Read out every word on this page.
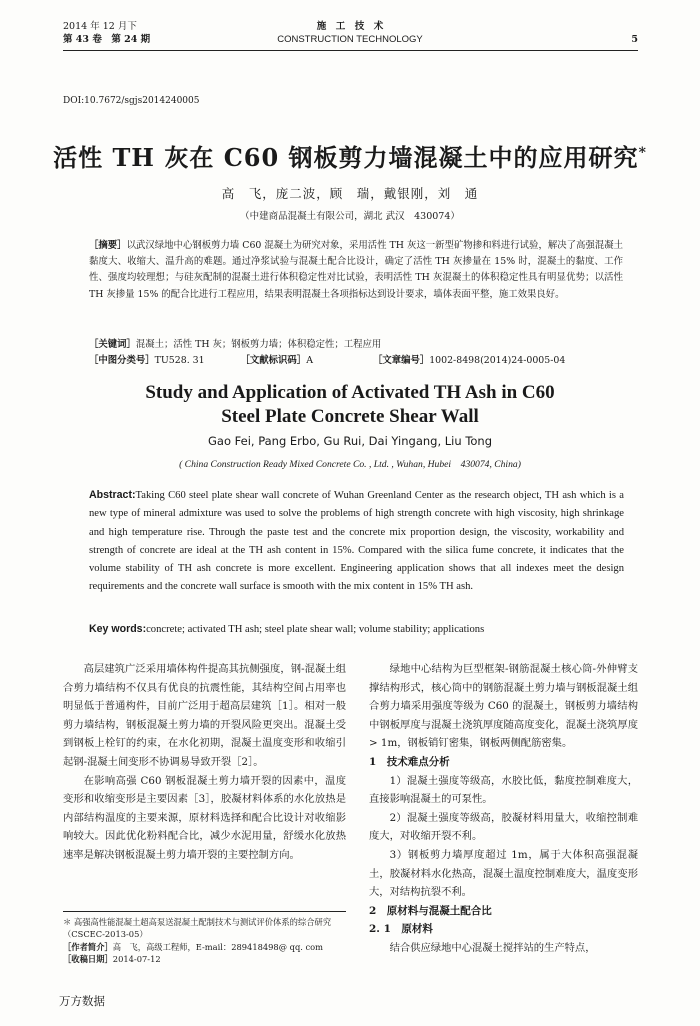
2014 年 12 月下
第 43 卷　第 24 期
施　工　技　术
CONSTRUCTION TECHNOLOGY	5
DOI:10.7672/sgjs2014240005
活性 TH 灰在 C60 钢板剪力墙混凝土中的应用研究*
高　飞，庞二波，顾　瑞，戴银刚，刘　通
（中建商品混凝土有限公司，湖北 武汉　430074）
［摘要］以武汉绿地中心钢板剪力墙 C60 混凝土为研究对象，采用活性 TH 灰这一新型矿物掺和料进行试验，解决了高强混凝土黏度大、收缩大、温升高的难题。通过净浆试验与混凝土配合比设计，确定了活性 TH 灰掺量在 15% 时，混凝土的黏度、工作性、强度均较理想；与硅灰配制的混凝土进行体积稳定性对比试验，表明活性 TH 灰混凝土的体积稳定性具有明显优势；以活性 TH 灰掺量 15% 的配合比进行工程应用，结果表明混凝土各项指标达到设计要求，墙体表面平整，施工效果良好。
［关键词］混凝土；活性 TH 灰；钢板剪力墙；体积稳定性；工程应用
［中图分类号］TU528. 31	［文献标识码］A	［文章编号］1002-8498(2014)24-0005-04
Study and Application of Activated TH Ash in C60
Steel Plate Concrete Shear Wall
Gao Fei, Pang Erbo, Gu Rui, Dai Yingang, Liu Tong
( China Construction Ready Mixed Concrete Co. , Ltd. , Wuhan, Hubei　430074, China)
Abstract:Taking C60 steel plate shear wall concrete of Wuhan Greenland Center as the research object, TH ash which is a new type of mineral admixture was used to solve the problems of high strength concrete with high viscosity, high shrinkage and high temperature rise. Through the paste test and the concrete mix proportion design, the viscosity, workability and strength of concrete are ideal at the TH ash content in 15%. Compared with the silica fume concrete, it indicates that the volume stability of TH ash concrete is more excellent. Engineering application shows that all indexes meet the design requirements and the concrete wall surface is smooth with the mix content in 15% TH ash.
Key words:concrete; activated TH ash; steel plate shear wall; volume stability; applications

高层建筑广泛采用墙体构件提高其抗侧强度，钢-混凝土组合剪力墙结构不仅具有优良的抗震性能，其结构空间占用率也明显低于普通构件，目前广泛用于超高层建筑［1］。相对一般剪力墙结构，钢板混凝土剪力墙的开裂风险更突出。混凝土受到钢板上栓钉的约束，在水化初期，混凝土温度变形和收缩引起钢-混凝土间变形不协调易导致开裂［2］。

在影响高强 C60 钢板混凝土剪力墙开裂的因素中，温度变形和收缩变形是主要因素［3］，胶凝材料体系的水化放热是内部结构温度的主要来源，原材料选择和配合比设计对收缩影响较大。因此优化粉料配合比，减少水泥用量，舒缓水化放热速率是解决钢板混凝土剪力墙开裂的主要控制方向。

＊ 高强高性能混凝土超高泵送混凝土配制技术与测试评价体系的综合研究（CSCEC-2013-05）
［作者简介］高　飞，高级工程师，E-mail：289418498@ qq. com
［收稿日期］2014-07-12

绿地中心结构为巨型框架-钢筋混凝土核心筒-外伸臂支撑结构形式，核心筒中的钢筋混凝土剪力墙与钢板混凝土组合剪力墙采用强度等级为 C60 的混凝土，钢板剪力墙结构中钢板厚度与混凝土浇筑厚度随高度变化，混凝土浇筑厚度 > 1m，钢板销钉密集，钢板两侧配筋密集。

1　技术难点分析

1）混凝土强度等级高，水胶比低，黏度控制难度大，直接影响混凝土的可泵性。

2）混凝土强度等级高，胶凝材料用量大，收缩控制难度大，对收缩开裂不利。

3）钢板剪力墙厚度超过 1m，属于大体积高强混凝土，胶凝材料水化热高，混凝土温度控制难度大，温度变形大，对结构抗裂不利。

2　原材料与混凝土配合比
2. 1　原材料

结合供应绿地中心混凝土搅拌站的生产特点，

万方数据
